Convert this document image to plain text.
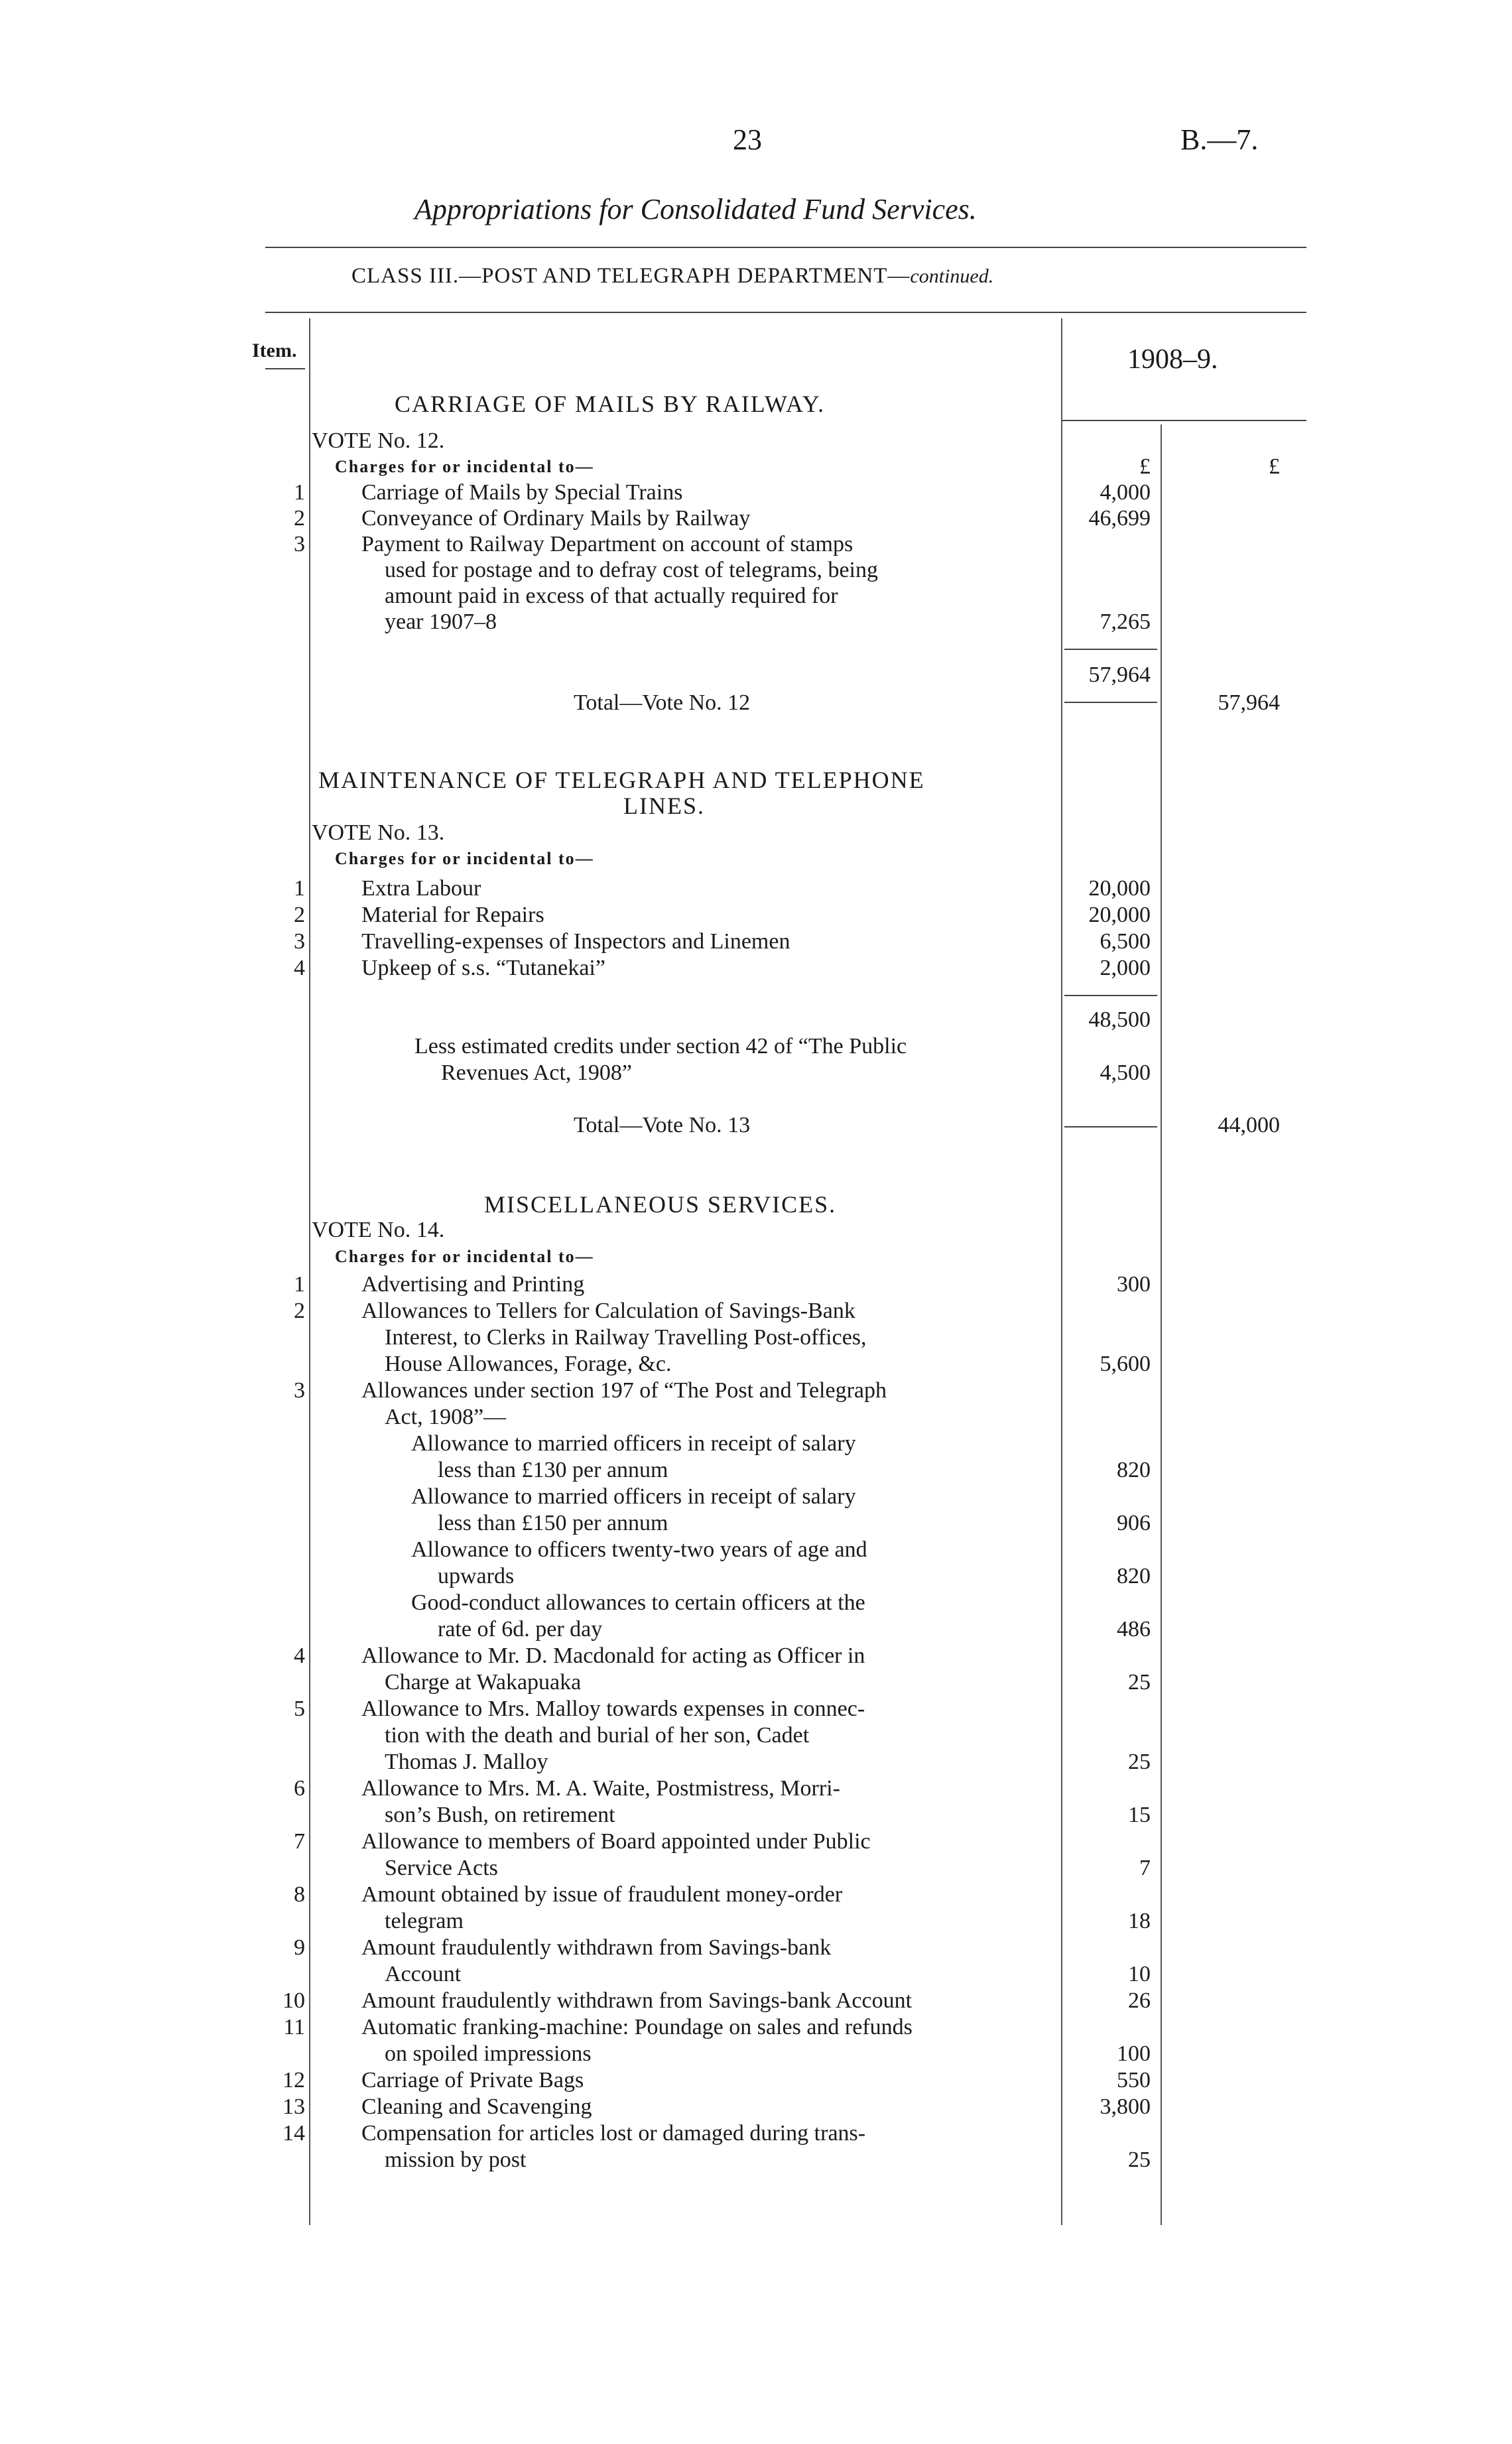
23	B.—7.
Appropriations for Consolidated Fund Services.
CLASS III.—POST AND TELEGRAPH DEPARTMENT—continued.
Item.	1908–9.
CARRIAGE OF MAILS BY RAILWAY.
VOTE No. 12.
Charges for or incidental to—	£	£
1	Carriage of Mails by Special Trains	4,000
2	Conveyance of Ordinary Mails by Railway	46,699
3	Payment to Railway Department on account of stamps
used for postage and to defray cost of telegrams, being
amount paid in excess of that actually required for
year 1907–8	7,265
57,964
Total—Vote No. 12	57,964
MAINTENANCE OF TELEGRAPH AND TELEPHONE
LINES.
VOTE No. 13.
Charges for or incidental to—
1	Extra Labour	20,000
2	Material for Repairs	20,000
3	Travelling-expenses of Inspectors and Linemen	6,500
4	Upkeep of s.s. “Tutanekai”	2,000
48,500
Less estimated credits under section 42 of “The Public
Revenues Act, 1908”	4,500
Total—Vote No. 13	44,000
MISCELLANEOUS SERVICES.
VOTE No. 14.
Charges for or incidental to—
1	Advertising and Printing	300
2	Allowances to Tellers for Calculation of Savings-Bank
Interest, to Clerks in Railway Travelling Post-offices,
House Allowances, Forage, &c.	5,600
3	Allowances under section 197 of “The Post and Telegraph
Act, 1908”—
Allowance to married officers in receipt of salary
less than £130 per annum	820
Allowance to married officers in receipt of salary
less than £150 per annum	906
Allowance to officers twenty-two years of age and
upwards	820
Good-conduct allowances to certain officers at the
rate of 6d. per day	486
4	Allowance to Mr. D. Macdonald for acting as Officer in
Charge at Wakapuaka	25
5	Allowance to Mrs. Malloy towards expenses in connec-
tion with the death and burial of her son, Cadet
Thomas J. Malloy	25
6	Allowance to Mrs. M. A. Waite, Postmistress, Morri-
son’s Bush, on retirement	15
7	Allowance to members of Board appointed under Public
Service Acts	7
8	Amount obtained by issue of fraudulent money-order
telegram	18
9	Amount fraudulently withdrawn from Savings-bank
Account	10
10	Amount fraudulently withdrawn from Savings-bank Account	26
11	Automatic franking-machine: Poundage on sales and refunds
on spoiled impressions	100
12	Carriage of Private Bags	550
13	Cleaning and Scavenging	3,800
14	Compensation for articles lost or damaged during trans-
mission by post	25
